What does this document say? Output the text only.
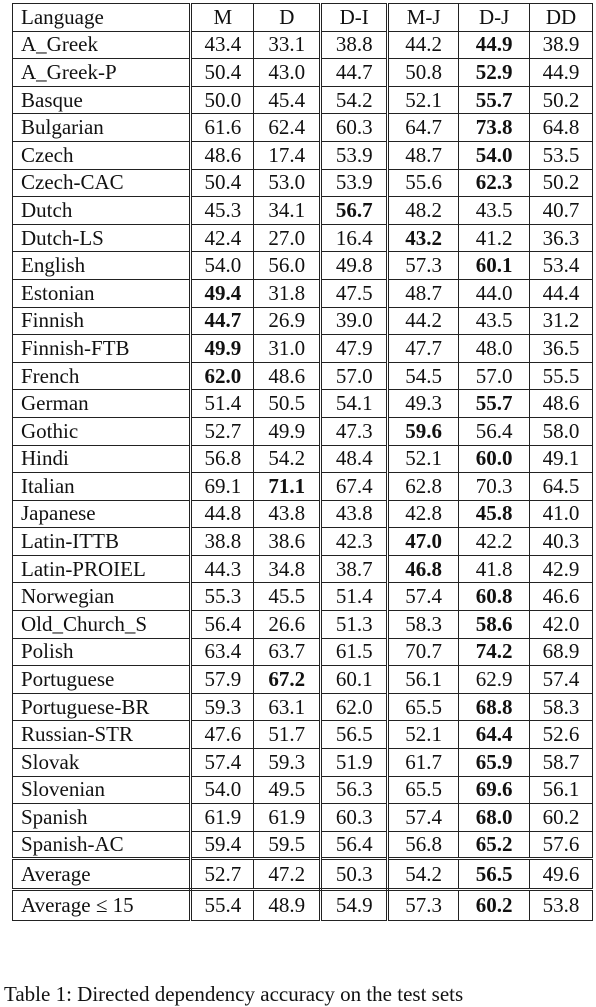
Language	M	D	D-I	M-J	D-J	DD
A_Greek	43.4	33.1	38.8	44.2	44.9	38.9
A_Greek-P	50.4	43.0	44.7	50.8	52.9	44.9
Basque	50.0	45.4	54.2	52.1	55.7	50.2
Bulgarian	61.6	62.4	60.3	64.7	73.8	64.8
Czech	48.6	17.4	53.9	48.7	54.0	53.5
Czech-CAC	50.4	53.0	53.9	55.6	62.3	50.2
Dutch	45.3	34.1	56.7	48.2	43.5	40.7
Dutch-LS	42.4	27.0	16.4	43.2	41.2	36.3
English	54.0	56.0	49.8	57.3	60.1	53.4
Estonian	49.4	31.8	47.5	48.7	44.0	44.4
Finnish	44.7	26.9	39.0	44.2	43.5	31.2
Finnish-FTB	49.9	31.0	47.9	47.7	48.0	36.5
French	62.0	48.6	57.0	54.5	57.0	55.5
German	51.4	50.5	54.1	49.3	55.7	48.6
Gothic	52.7	49.9	47.3	59.6	56.4	58.0
Hindi	56.8	54.2	48.4	52.1	60.0	49.1
Italian	69.1	71.1	67.4	62.8	70.3	64.5
Japanese	44.8	43.8	43.8	42.8	45.8	41.0
Latin-ITTB	38.8	38.6	42.3	47.0	42.2	40.3
Latin-PROIEL	44.3	34.8	38.7	46.8	41.8	42.9
Norwegian	55.3	45.5	51.4	57.4	60.8	46.6
Old_Church_S	56.4	26.6	51.3	58.3	58.6	42.0
Polish	63.4	63.7	61.5	70.7	74.2	68.9
Portuguese	57.9	67.2	60.1	56.1	62.9	57.4
Portuguese-BR	59.3	63.1	62.0	65.5	68.8	58.3
Russian-STR	47.6	51.7	56.5	52.1	64.4	52.6
Slovak	57.4	59.3	51.9	61.7	65.9	58.7
Slovenian	54.0	49.5	56.3	65.5	69.6	56.1
Spanish	61.9	61.9	60.3	57.4	68.0	60.2
Spanish-AC	59.4	59.5	56.4	56.8	65.2	57.6
Average	52.7	47.2	50.3	54.2	56.5	49.6
Average ≤ 15	55.4	48.9	54.9	57.3	60.2	53.8
Table 1: Directed dependency accuracy on the test sets
